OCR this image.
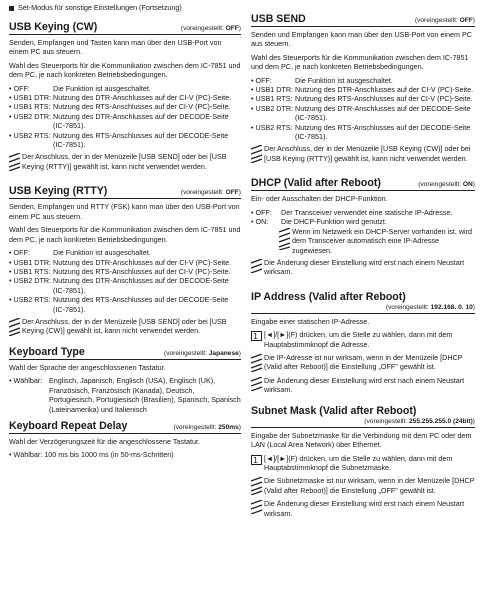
Set-Modus für sonstige Einstellungen (Fortsetzung)
USB Keying (CW)	(voreingestellt: OFF)

Senden, Empfangen und Tasten kann man über den USB-Port von einem PC aus steuern.

Wahl des Steuerports für die Kommunikation zwischen dem IC-7851 und dem PC, je nach konkreten Betriebsbedingungen.

• OFF:	Die Funktion ist ausgeschaltet.
• USB1 DTR: Nutzung des DTR-Anschlusses auf der CI-V (PC)-Seite.
• USB1 RTS: Nutzung des RTS-Anschlusses auf der CI-V (PC)-Seite.
• USB2 DTR: Nutzung des DTR-Anschlusses auf der DECODE-Seite (IC-7851).
• USB2 RTS: Nutzung des RTS-Anschlusses auf der DECODE-Seite (IC-7851).
Der Anschluss, der in der Menüzeile [USB SEND] oder bei [USB Keying (RTTY)] gewählt ist, kann nicht verwendet werden.
USB Keying (RTTY)	(voreingestellt: OFF)

Senden, Empfangen und RTTY (FSK) kann man über den USB-Port von einem PC aus steuern.

Wahl des Steuerports für die Kommunikation zwischen dem IC-7851 und dem PC, je nach konkreten Betriebsbedingungen.

• OFF:	Die Funktion ist ausgeschaltet.
• USB1 DTR: Nutzung des DTR-Anschlusses auf der CI-V (PC)-Seite.
• USB1 RTS: Nutzung des RTS-Anschlusses auf der CI-V (PC)-Seite.
• USB2 DTR: Nutzung des DTR-Anschlusses auf der DECODE-Seite (IC-7851).
• USB2 RTS: Nutzung des RTS-Anschlusses auf der DECODE-Seite (IC-7851).
Der Anschluss, der in der Menüzeile [USB SEND] oder bei [USB Keying (CW)] gewählt ist, kann nicht verwendet werden.
Keyboard Type	(voreingestellt: Japanese)

Wahl der Sprache der angeschlossenen Tastatur.

• Wählbar: Englisch, Japanisch, Englisch (USA), Englisch (UK), Französisch, Französisch (Kanada), Deutsch, Portugiesisch, Portugiesisch (Brasilien), Spanisch, Spanisch (Lateinamerika) und Italienisch
Keyboard Repeat Delay	(voreingestellt: 250ms)

Wahl der Verzögerungszeit für die angeschlossene Tastatur.

• Wählbar: 100 ms bis 1000 ms (in 50-ms-Schritten)

USB SEND	(voreingestellt: OFF)

Senden und Empfangen kann man über den USB-Port von einem PC aus steuern.

Wahl des Steuerports für die Kommunikation zwischen dem IC-7851 und dem PC, je nach konkreten Betriebsbedingungen.

• OFF:	Die Funktion ist ausgeschaltet.
• USB1 DTR: Nutzung des DTR-Anschlusses auf der CI-V (PC)-Seite.
• USB1 RTS: Nutzung des RTS-Anschlusses auf der CI-V (PC)-Seite.
• USB2 DTR: Nutzung des DTR-Anschlusses auf der DECODE-Seite (IC-7851).
• USB2 RTS: Nutzung des RTS-Anschlusses auf der DECODE-Seite (IC-7851).
Der Anschluss, der in der Menüzeile [USB Keying (CW)] oder bei [USB Keying (RTTY)] gewählt ist, kann nicht verwendet werden.
DHCP (Valid after Reboot)	(voreingestellt: ON)

Ein- oder Ausschalten der DHCP-Funktion.

• OFF:	Der Transceiver verwendet eine statische IP-Adresse.
• ON:	Die DHCP-Funktion wird genutzt.
Wenn im Netzwerk ein DHCP-Server vorhanden ist, wird dem Transceiver automatisch eine IP-Adresse zugewiesen.
Die Änderung dieser Einstellung wird erst nach einem Neustart wirksam.
IP Address (Valid after Reboot)
(voreingestellt: 192.168. 0. 10)

Eingabe einer statischen IP-Adresse.

1 [◄]/[►](F) drücken, um die Stelle zu wählen, dann mit dem Hauptabstimmknopf die Adresse.
Die IP-Adresse ist nur wirksam, wenn in der Menüzeile [DHCP (Valid after Reboot)] die Einstellung „OFF" gewählt ist.
Die Änderung dieser Einstellung wird erst nach einem Neustart wirksam.
Subnet Mask (Valid after Reboot)
(voreingestellt: 255.255.255.0 (24bit))

Eingabe der Subnetzmaske für die Verbindung mit dem PC oder dem LAN (Local Area Network) über Ethernet.

1 [◄]/[►](F) drücken, um die Stelle zu wählen, dann mit dem Hauptabstimmknopf die Subnetzmaske.
Die Subnetzmaske ist nur wirksam, wenn in der Menüzeile [DHCP (Valid after Reboot)] die Einstellung „OFF" gewählt ist.
Die Änderung dieser Einstellung wird erst nach einem Neustart wirksam.
